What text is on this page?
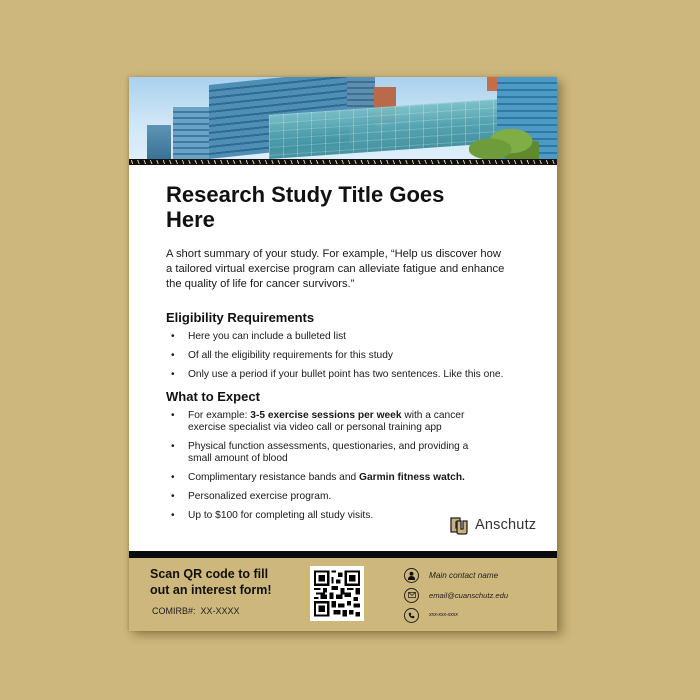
Research Study Title Goes Here

A short summary of your study. For example, “Help us discover how a tailored virtual exercise program can alleviate fatigue and enhance the quality of life for cancer survivors.”

Eligibility Requirements
• Here you can include a bulleted list
• Of all the eligibility requirements for this study
• Only use a period if your bullet point has two sentences. Like this one.
What to Expect
• For example: 3-5 exercise sessions per week with a cancer exercise specialist via video call or personal training app
• Physical function assessments, questionaries, and providing a small amount of blood
• Complimentary resistance bands and Garmin fitness watch.
• Personalized exercise program.
• Up to $100 for completing all study visits.
Anschutz
Scan QR code to fill
out an interest form!
COMIRB#: XX-XXXX
Main contact name
email@cuanschutz.edu
xxx-xxx-xxxx
